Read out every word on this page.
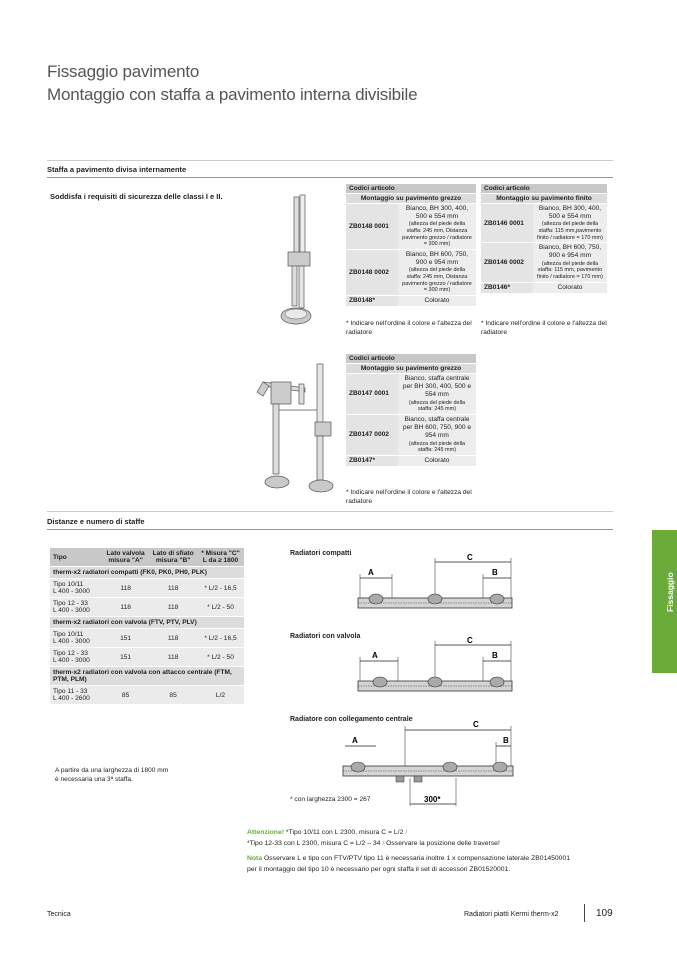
Fissaggio pavimento
Montaggio con staffa a pavimento interna divisibile
Staffa a pavimento divisa internamente
Soddisfa i requisiti di sicurezza delle classi I e II.
Codici articolo	
Montaggio su pavimento grezzo	
ZB0148 0001	Bianco, BH 300, 400, 500 e 554 mm
(altezza del piede della staffa: 245 mm, Distanza pavimento grezzo / radiatore = 300 mm)

ZB0148 0002	Bianco, BH 600, 750, 900 e 954 mm
(altezza del piede della staffa: 245 mm, Distanza pavimento grezzo / radiatore = 300 mm)

ZB0148*	Colorato
* Indicare nell'ordine il colore e l'altezza del radiatore
Codici articolo	
Montaggio su pavimento finito	
ZB0146 0001	Bianco, BH 300, 400, 500 e 554 mm
(altezza del piede della staffa: 115 mm,pavimento finito / radiatore = 170 mm)

ZB0146 0002	Bianco, BH 600, 750, 900 e 954 mm
(altezza del piede della staffa: 115 mm, pavimento finito / radiatore = 170 mm)

ZB0146*	Colorato
* Indicare nell'ordine il colore e l'altezza del radiatore
Codici articolo	
Montaggio su pavimento grezzo	
ZB0147 0001	Bianco, staffa centrale per BH 300, 400, 500 e 554 mm
(altezza del piede della staffa: 245 mm)

ZB0147 0002	Bianco, staffa centrale per BH 600, 750, 900 e 954 mm
(altezza del piede della staffa: 245 mm)

ZB0147*	Colorato
* Indicare nell'ordine il colore e l'altezza del radiatore
Distanze e numero di staffe
Tipo	Lato valvola misura "A"	Lato di sfiato misura "B"	* Misura "C" L da ≥ 1800
therm-x2 radiatori compatti (FK0, PK0, PH0, PLK)			
Tipo 10/11
L 400 - 3000	118	118	* L/2 - 16,5
Tipo 12 - 33
L 400 - 3000	118	118	* L/2 - 50
therm-x2 radiatori con valvola (FTV, PTV, PLV)			
Tipo 10/11
L 400 - 3000	151	118	* L/2 - 16,5
Tipo 12 - 33
L 400 - 3000	151	118	* L/2 - 50
therm-x2 radiatori con valvola con attacco centrale (FTM, PTM, PLM)			
Tipo 11 - 33
L 400 - 2600	85	85	L/2
A partire da una larghezza di 1800 mm
è necessaria una 3ª staffa.
Radiatori compatti
Radiatori con valvola
Radiatore con collegamento centrale
C
A	B
C
A	B
C
A	B
300*
* con larghezza 2300 = 267
Attenzione! *Tipo 10/11 con L 2300, misura C = L/2 /
*Tipo 12-33 con L 2300, misura C = L/2 – 34 / Osservare la posizione delle traverse!

Nota Osservare L e tipo con FTV/PTV tipo 11 è necessaria inoltre 1 x compensazione laterale ZB01450001
per il montaggio del tipo 10 è necessario per ogni staffa il set di accessori ZB01520001.
Fissaggio
Tecnica	Radiatori piatti Kermi therm-x2	109
